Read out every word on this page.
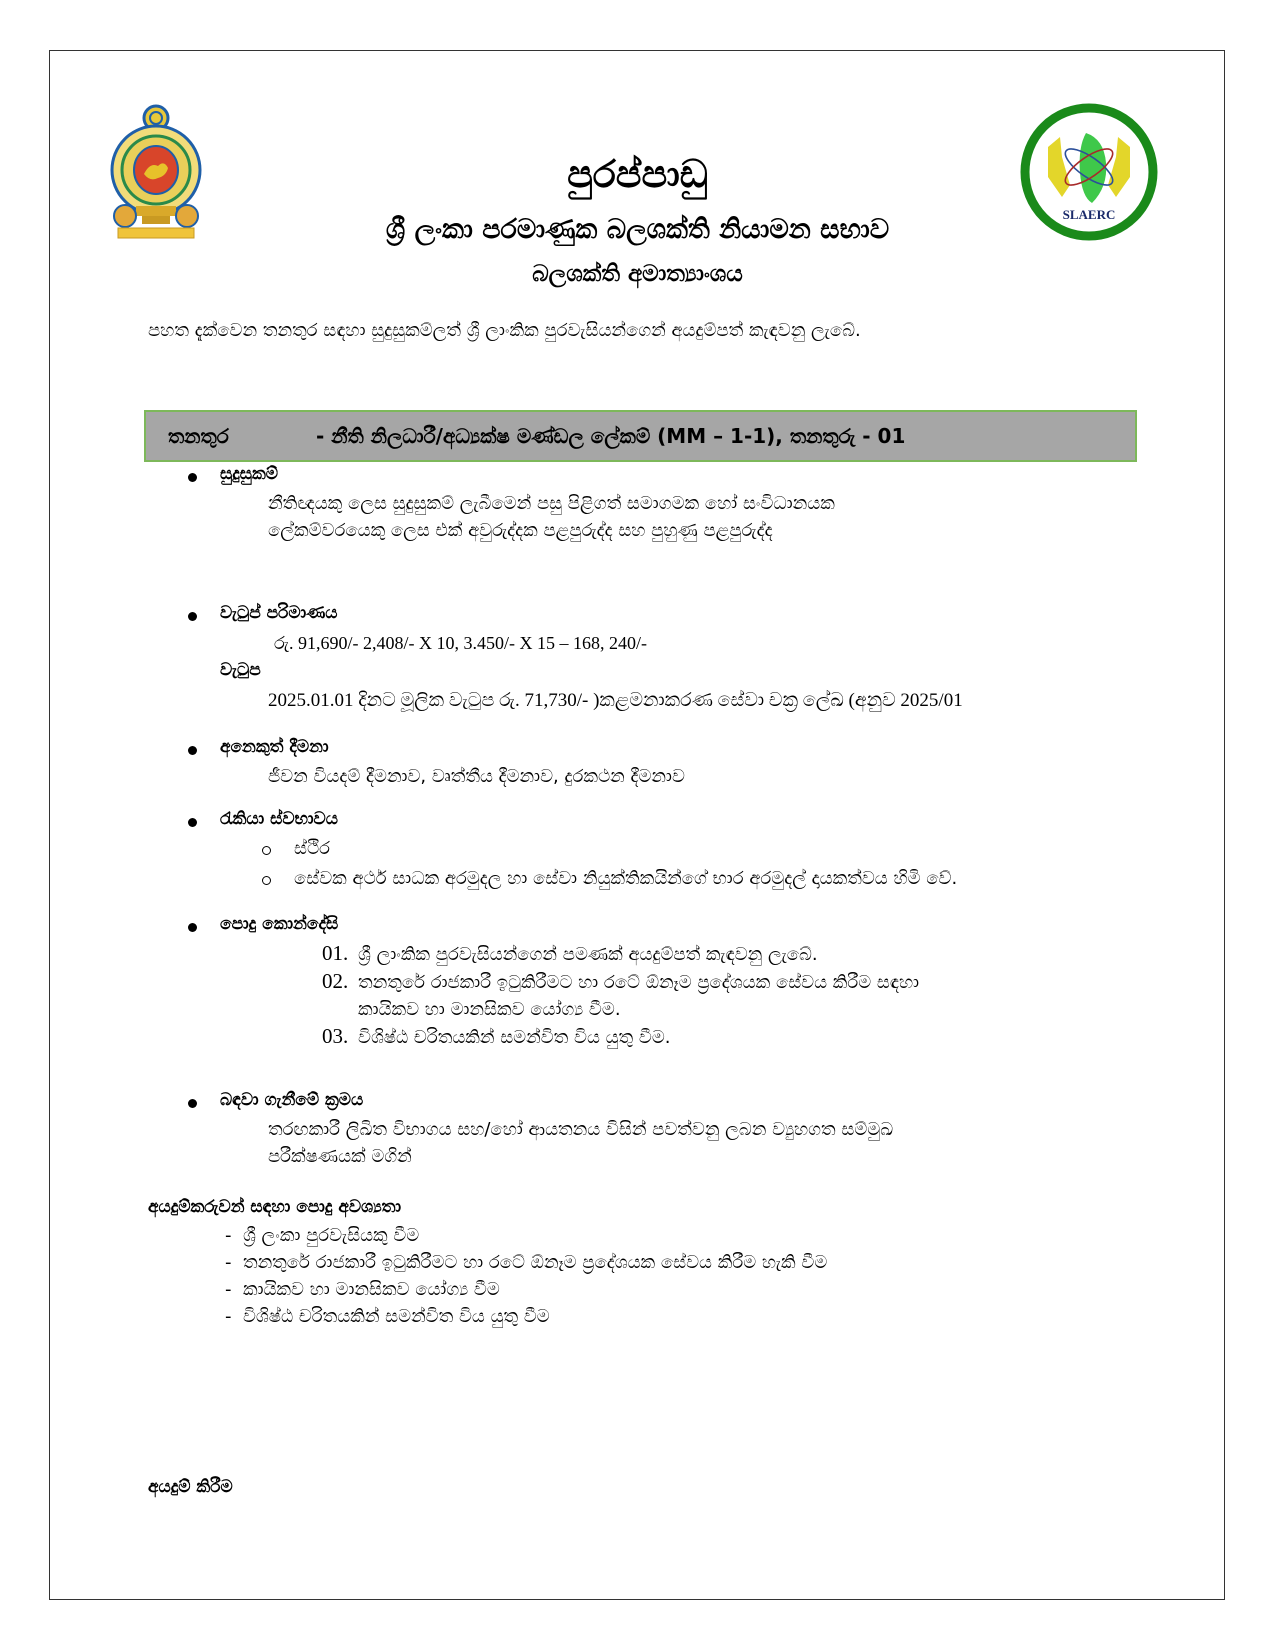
SLAERC
පුරප්පාඩු
ශ්‍රී ලංකා පරමාණුක බලශක්ති නියාමන සභාව
බලශක්ති අමාත්‍යාංශය
පහත දැක්වෙන තනතුර සඳහා සුදුසුකම්ලත් ශ්‍රී ලාංකික පුරවැසියන්ගෙන් අයදුම්පත් කැඳවනු ලැබේ.
තනතුර	- නීති නිලධාරී/අධ්‍යක්ෂ මණ්ඩල ලේකම් (MM – 1-1), තනතුරු - 01
සුදුසුකම්
නීතිඥයකු ලෙස සුදුසුකම් ලැබීමෙන් පසු පිළිගත් සමාගමක හෝ සංවිධානයක
ලේකම්වරයෙකු ලෙස එක් අවුරුද්දක පළපුරුද්ද සහ පුහුණු පළපුරුද්ද
වැටුප් පරිමාණය
රු. 91,690/- 2,408/- X 10, 3.450/- X 15 – 168, 240/-
වැටුප
2025.01.01 දිනට මූලික වැටුප රු. 71,730/- )කළමනාකරණ සේවා චක්‍ර ලේඛ (අනුව 2025/01
අනෙකුත් දීමනා
ජීවන වියදම් දීමනාව, වෘත්තීය දීමනාව, දුරකථන දීමනාව
රැකියා ස්වභාවය
ස්ථිර
සේවක අර්ථ සාධක අරමුදල හා සේවා නියුක්තිකයින්ගේ භාර අරමුදල් දායකත්වය හිමි වේ.
පොදු කොන්දේසි
01. ශ්‍රී ලාංකික පුරවැසියන්ගෙන් පමණක් අයදුම්පත් කැඳවනු ලැබේ.
02. තනතුරේ රාජකාරී ඉටුකිරීමට හා රටේ ඕනෑම ප්‍රදේශයක සේවය කිරීම සඳහා
කායිකව හා මානසිකව යෝග්‍ය වීම.
03. විශිෂ්ඨ චරිතයකින් සමන්විත විය යුතු වීම.
බඳවා ගැනීමේ ක්‍රමය
තරඟකාරී ලිඛිත විභාගය සහ/හෝ ආයතනය විසින් පවත්වනු ලබන ව්‍යුහගත සම්මුඛ
පරීක්ෂණයක් මගින්
අයදුම්කරුවන් සඳහා පොදු අවශ්‍යතා
-  ශ්‍රී ලංකා පුරවැසියකු වීම
-  තනතුරේ රාජකාරී ඉටුකිරීමට හා රටේ ඕනෑම ප්‍රදේශයක සේවය කිරීම හැකි වීම
-  කායිකව හා මානසිකව යෝග්‍ය වීම
-  විශිෂ්ඨ චරිතයකින් සමන්විත විය යුතු වීම
අයදුම් කිරීම
